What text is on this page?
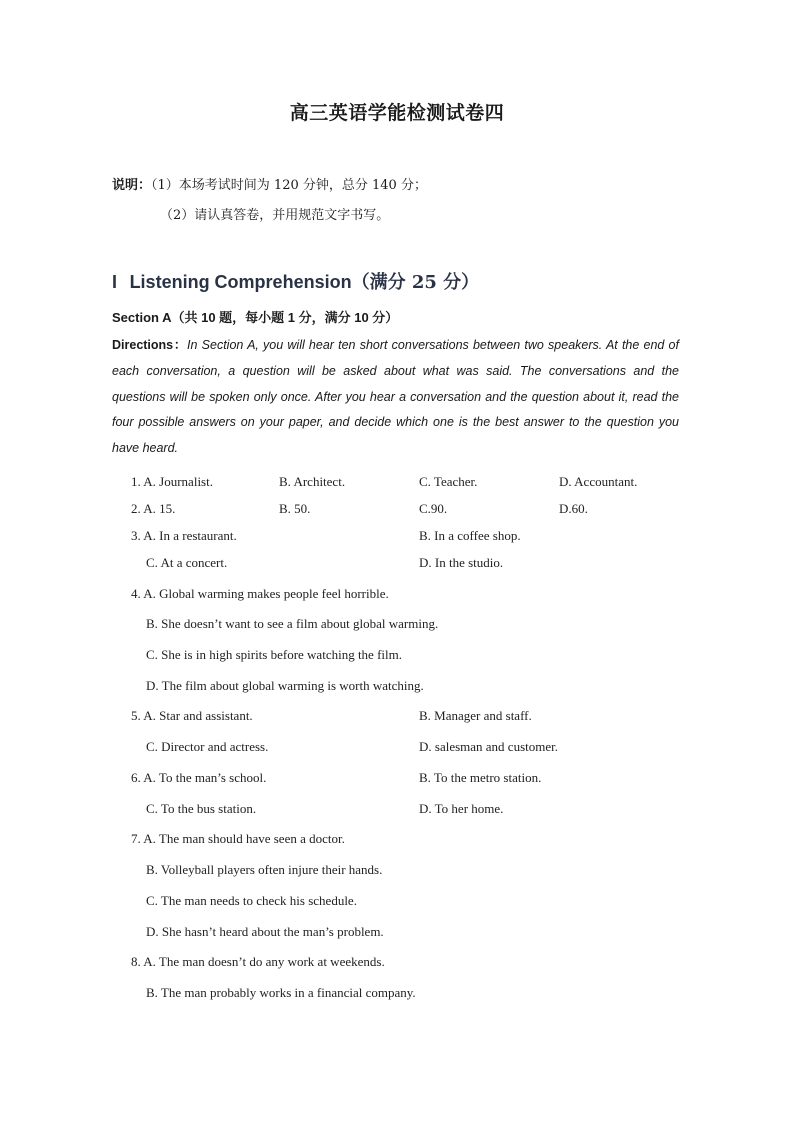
高三英语学能检测试卷四
说明：（1）本场考试时间为 120 分钟，总分 140 分；
（2）请认真答卷，并用规范文字书写。
I Listening Comprehension（满分 25 分）
Section A（共 10 题，每小题 1 分，满分 10 分）
Directions：In Section A, you will hear ten short conversations between two speakers. At the end of each conversation, a question will be asked about what was said. The conversations and the questions will be spoken only once. After you hear a conversation and the question about it, read the four possible answers on your paper, and decide which one is the best answer to the question you have heard.
1. A. Journalist.	B. Architect.	C. Teacher.	D. Accountant.
2. A. 15.	B. 50.	C.90.	D.60.
3. A. In a restaurant.	B. In a coffee shop.
C. At a concert.	D. In the studio.
4. A. Global warming makes people feel horrible.
B. She doesn’t want to see a film about global warming.
C. She is in high spirits before watching the film.
D. The film about global warming is worth watching.
5. A. Star and assistant.	B. Manager and staff.
C. Director and actress.	D. salesman and customer.
6. A. To the man’s school.	B. To the metro station.
C. To the bus station.	D. To her home.
7. A. The man should have seen a doctor.
B. Volleyball players often injure their hands.
C. The man needs to check his schedule.
D. She hasn’t heard about the man’s problem.
8. A. The man doesn’t do any work at weekends.
B. The man probably works in a financial company.
